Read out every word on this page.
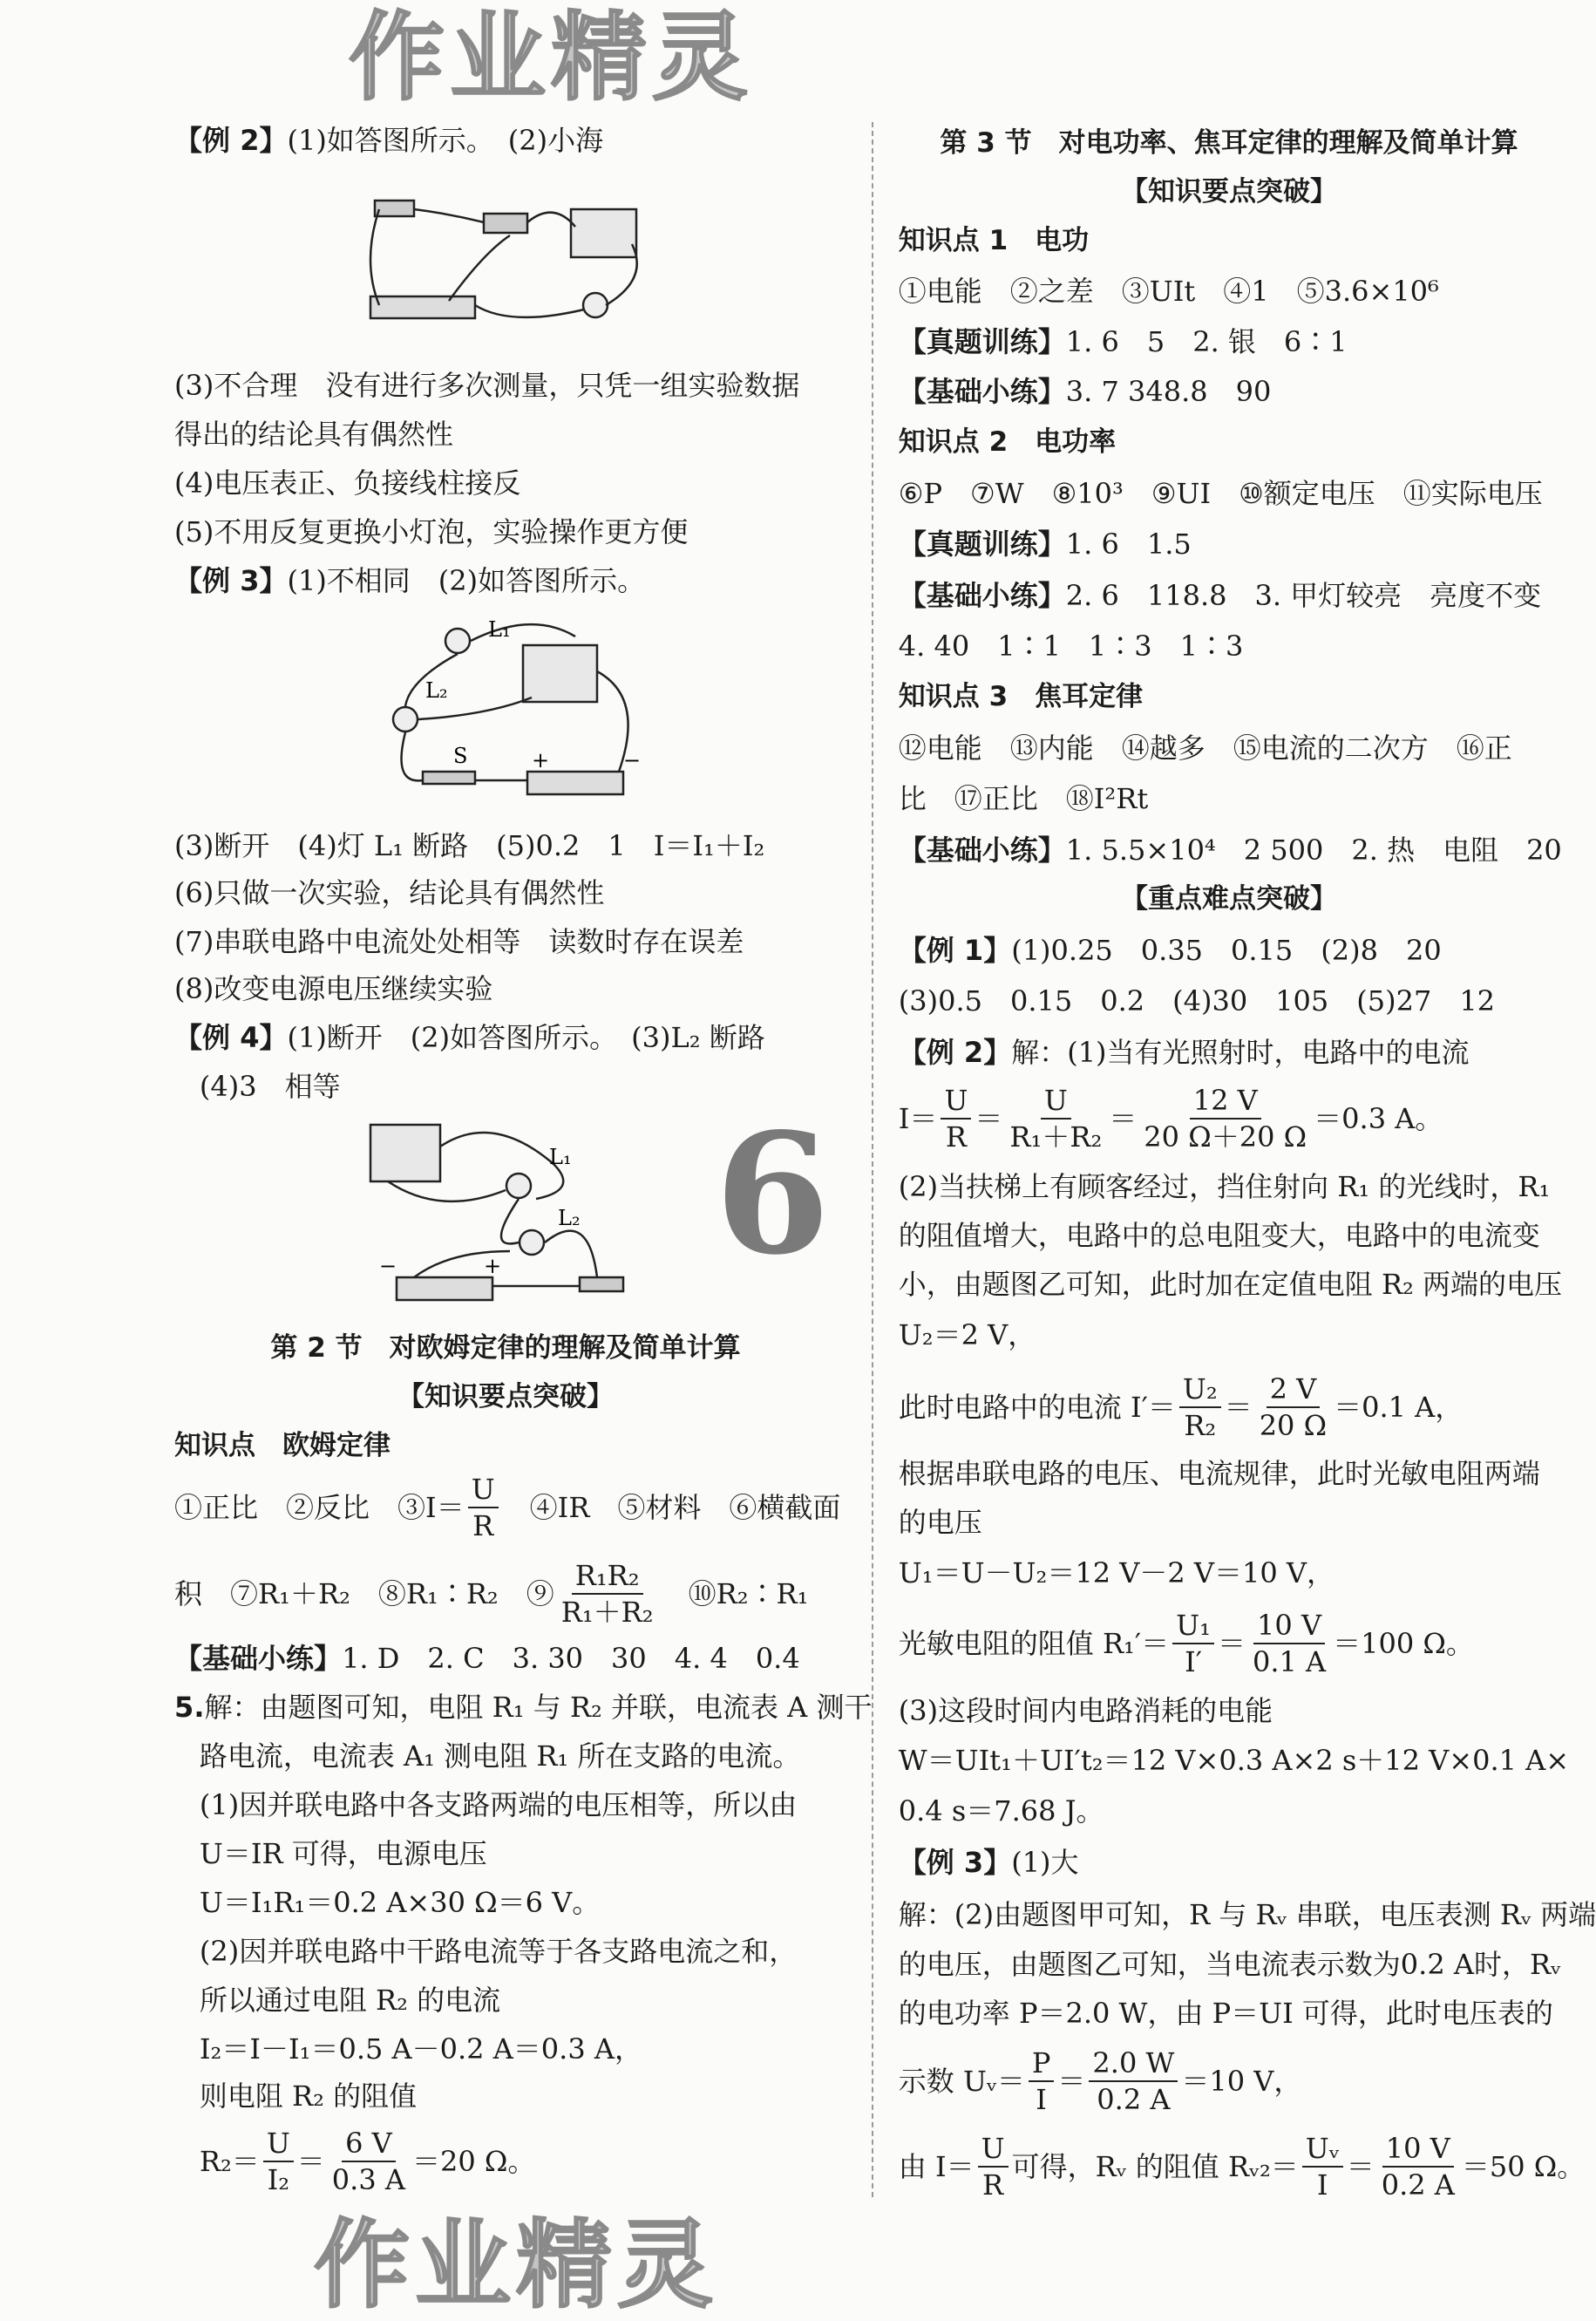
【例 2】 (1)如答图所示。　(2)小海
(3)不合理　没有进行多次测量，只凭一组实验数据
得出的结论具有偶然性
(4)电压表正、负接线柱接反
(5)不用反复更换小灯泡，实验操作更方便
【例 3】 (1)不相同　(2)如答图所示。
(3)断开　(4)灯 L₁ 断路　(5)0.2　1　I＝I₁＋I₂
(6)只做一次实验，结论具有偶然性
(7)串联电路中电流处处相等　读数时存在误差
(8)改变电源电压继续实验
【例 4】 (1)断开　(2)如答图所示。　(3)L₂ 断路
(4)3　相等
第 2 节　对欧姆定律的理解及简单计算
【知识要点突破】
知识点　欧姆定律
①正比　②反比　③I＝ $\frac{U}{R}$ 　④IR　⑤材料　⑥横截面
积　⑦R₁＋R₂　⑧R₁∶R₂　⑨ $\frac{\text{R₁R₂}}{\text{R₁＋R₂}}$ 　⑩R₂∶R₁
【基础小练】 1. D　2. C　3. 30　30　4. 4　0.4
5. 解：由题图可知，电阻 R₁ 与 R₂ 并联，电流表 A 测干
路电流，电流表 A₁ 测电阻 R₁ 所在支路的电流。
(1)因并联电路中各支路两端的电压相等，所以由
U＝IR 可得，电源电压
U＝I₁R₁＝0.2 A×30 Ω＝6 V。
(2)因并联电路中干路电流等于各支路电流之和，
所以通过电阻 R₂ 的电流
I₂＝I－I₁＝0.5 A－0.2 A＝0.3 A，
则电阻 R₂ 的阻值
$R_2= \frac{U}{\text{I₂}} = \frac{6 V}{0.3 A} =20$ Ω。
第 3 节　对电功率、焦耳定律的理解及简单计算
【知识要点突破】
知识点 1　电功
①电能　②之差　③UIt　④1　⑤3.6×10⁶
【真题训练】 1. 6　5　2. 银　6∶1
【基础小练】 3. 7 348.8　90
知识点 2　电功率
⑥P　⑦W　⑧10³　⑨UI　⑩额定电压　⑪实际电压
【真题训练】 1. 6　1.5
【基础小练】 2. 6　118.8　3. 甲灯较亮　亮度不变
4. 40　1∶1　1∶3　1∶3
知识点 3　焦耳定律
⑫电能　⑬内能　⑭越多　⑮电流的二次方　⑯正
比　⑰正比　⑱I²Rt
【基础小练】 1. 5.5×10⁴　2 500　2. 热　电阻　20
【重点难点突破】
【例 1】 (1)0.25　0.35　0.15　(2)8　20
(3)0.5　0.15　0.2　(4)30　105　(5)27　12
【例 2】 解：(1)当有光照射时，电路中的电流
$I= \frac{U}{R} = \frac{U}{\text{R₁＋R₂}} = \frac{12 V}{20 \Omega+20 \Omega} =0.3$ A。
(2)当扶梯上有顾客经过，挡住射向 R₁ 的光线时，R₁
的阻值增大，电路中的总电阻变大，电路中的电流变
小，由题图乙可知，此时加在定值电阻 R₂ 两端的电压
U₂＝2 V，
此时电路中的电流 $I'= \frac{\text{U₂}}{\text{R₂}} = \frac{2 V}{20 \Omega} =0.1$ A，
根据串联电路的电压、电流规律，此时光敏电阻两端
的电压
U₁＝U－U₂＝12 V－2 V＝10 V，
光敏电阻的阻值 $R_1'= \frac{\text{U₁}}{I'} = \frac{10 V}{0.1 A} =100$ Ω。
(3)这段时间内电路消耗的电能
W＝UIt₁＋UI′t₂＝12 V×0.3 A×2 s＋12 V×0.1 A×
0.4 s＝7.68 J。
【例 3】 (1)大
解：(2)由题图甲可知，R 与 Rᵥ 串联，电压表测 Rᵥ 两端
的电压，由题图乙可知，当电流表示数为0.2 A时，Rᵥ
的电功率 P＝2.0 W，由 P＝UI 可得，此时电压表的
示数 Uᵥ＝ $\frac{P}{I} = \frac{2.0 W}{0.2 A} =10$ V，
由 $I= \frac{U}{R}$ 可得，Rᵥ 的阻值 Rᵥ₂＝ $\frac{\text{Uᵥ}}{I} = \frac{10 V}{0.2 A} =50$ Ω。
L₁
L₂
S	+	−
L₁
L₂
−	+
作业精灵
作业精灵
6
